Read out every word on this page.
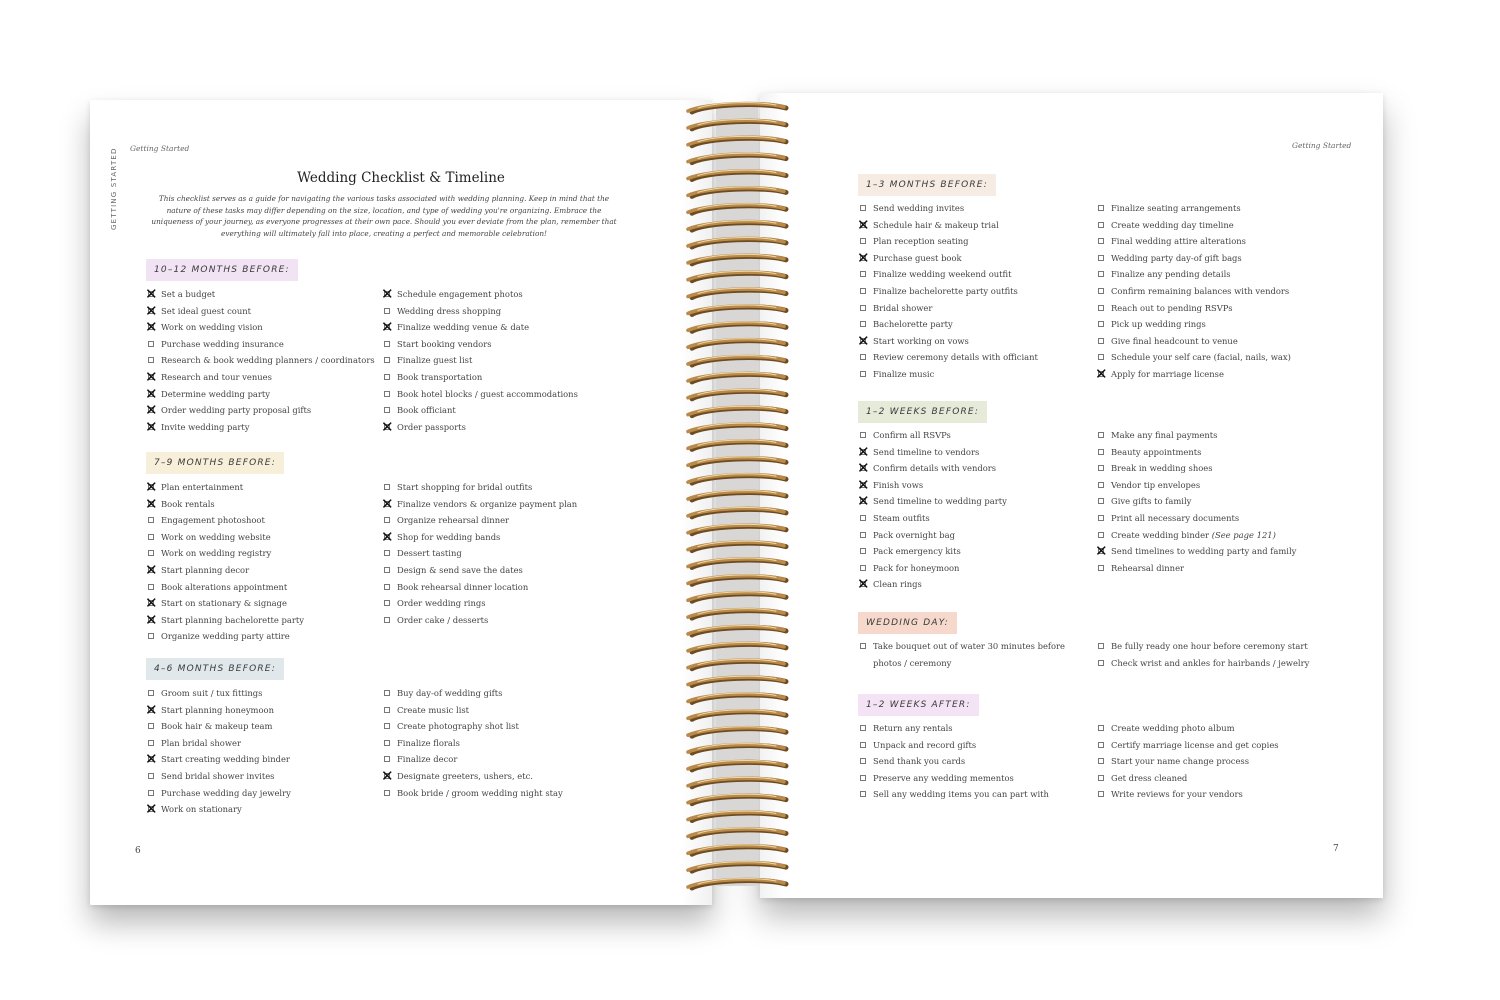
Getting Started
GETTING STARTED	Wedding Checklist & Timeline
This checklist serves as a guide for navigating the various tasks associated with wedding planning. Keep in mind that the nature of these tasks may differ depending on the size, location, and type of wedding you're organizing. Embrace the uniqueness of your journey, as everyone progresses at their own pace. Should you ever deviate from the plan, remember that everything will ultimately fall into place, creating a perfect and memorable celebration!
10–12 MONTHS BEFORE:
✕ Set a budget
✕ Set ideal guest count
✕ Work on wedding vision
Purchase wedding insurance
Research & book wedding planners / coordinators
✕ Research and tour venues
✕ Determine wedding party
✕ Order wedding party proposal gifts
✕ Invite wedding party
✕ Schedule engagement photos
Wedding dress shopping
✕ Finalize wedding venue & date
Start booking vendors
Finalize guest list
Book transportation
Book hotel blocks / guest accommodations
Book officiant
✕ Order passports
7–9 MONTHS BEFORE:
✕ Plan entertainment
✕ Book rentals
Engagement photoshoot
Work on wedding website
Work on wedding registry
✕ Start planning decor
Book alterations appointment
✕ Start on stationary & signage
✕ Start planning bachelorette party
Organize wedding party attire
Start shopping for bridal outfits
✕ Finalize vendors & organize payment plan
Organize rehearsal dinner
✕ Shop for wedding bands
Dessert tasting
Design & send save the dates
Book rehearsal dinner location
Order wedding rings
Order cake / desserts
4–6 MONTHS BEFORE:
Groom suit / tux fittings
✕ Start planning honeymoon
Book hair & makeup team
Plan bridal shower
✕ Start creating wedding binder
Send bridal shower invites
Purchase wedding day jewelry
✕ Work on stationary
Buy day-of wedding gifts
Create music list
Create photography shot list
Finalize florals
Finalize decor
✕ Designate greeters, ushers, etc.
Book bride / groom wedding night stay
6
Getting Started
1–3 MONTHS BEFORE:
Send wedding invites
✕ Schedule hair & makeup trial
Plan reception seating
✕ Purchase guest book
Finalize wedding weekend outfit
Finalize bachelorette party outfits
Bridal shower
Bachelorette party
✕ Start working on vows
Review ceremony details with officiant
Finalize music
Finalize seating arrangements
Create wedding day timeline
Final wedding attire alterations
Wedding party day-of gift bags
Finalize any pending details
Confirm remaining balances with vendors
Reach out to pending RSVPs
Pick up wedding rings
Give final headcount to venue
Schedule your self care (facial, nails, wax)
✕ Apply for marriage license
1–2 WEEKS BEFORE:
Confirm all RSVPs
✕ Send timeline to vendors
✕ Confirm details with vendors
✕ Finish vows
✕ Send timeline to wedding party
Steam outfits
Pack overnight bag
Pack emergency kits
Pack for honeymoon
✕ Clean rings
Make any final payments
Beauty appointments
Break in wedding shoes
Vendor tip envelopes
Give gifts to family
Print all necessary documents
Create wedding binder (See page 121)
✕ Send timelines to wedding party and family
Rehearsal dinner
WEDDING DAY:
Take bouquet out of water 30 minutes before photos / ceremony
Be fully ready one hour before ceremony start
Check wrist and ankles for hairbands / jewelry
1–2 WEEKS AFTER:
Return any rentals
Unpack and record gifts
Send thank you cards
Preserve any wedding mementos
Sell any wedding items you can part with
Create wedding photo album
Certify marriage license and get copies
Start your name change process
Get dress cleaned
Write reviews for your vendors
7
